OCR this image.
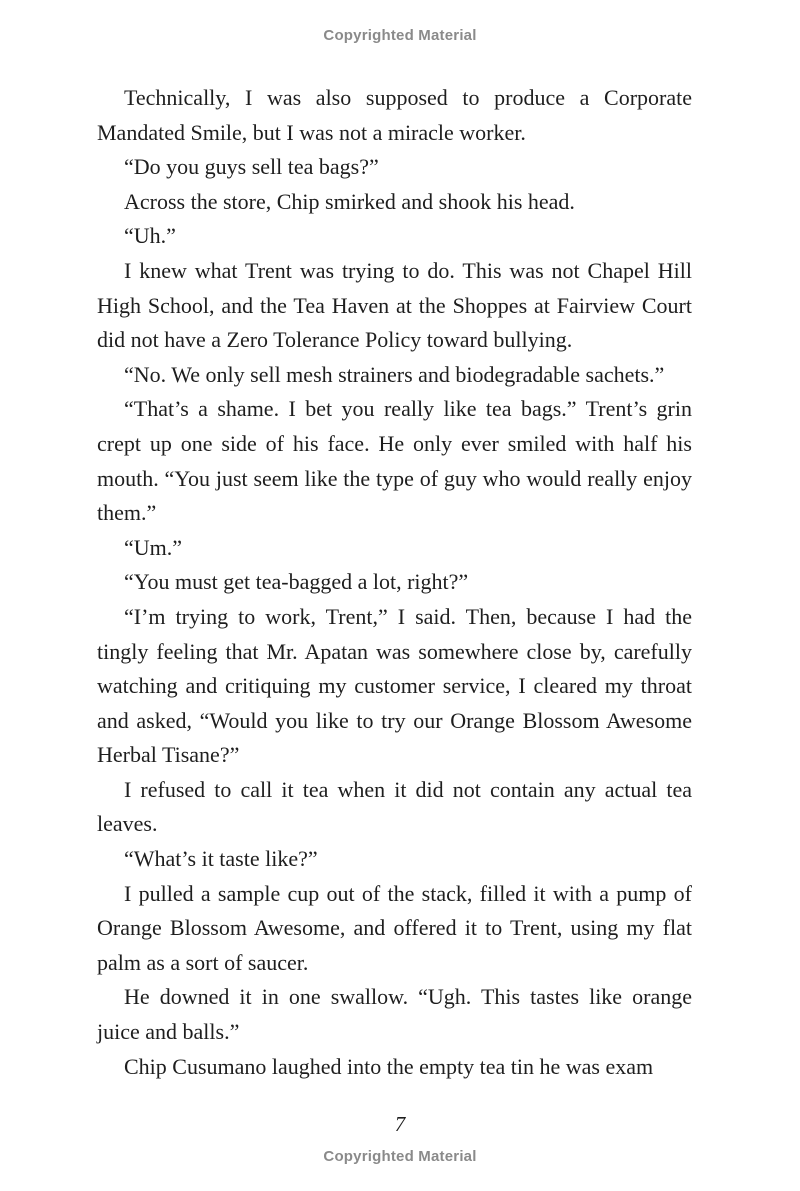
Copyrighted Material

Technically, I was also supposed to produce a Corporate Mandated Smile, but I was not a miracle worker.

“Do you guys sell tea bags?”

Across the store, Chip smirked and shook his head.

“Uh.”

I knew what Trent was trying to do. This was not Chapel Hill High School, and the Tea Haven at the Shoppes at Fairview Court did not have a Zero Tolerance Policy toward bullying.

“No. We only sell mesh strainers and biodegradable sachets.”

“That’s a shame. I bet you really like tea bags.” Trent’s grin crept up one side of his face. He only ever smiled with half his mouth. “You just seem like the type of guy who would really enjoy them.”

“Um.”

“You must get tea-bagged a lot, right?”

“I’m trying to work, Trent,” I said. Then, because I had the tingly feeling that Mr. Apatan was somewhere close by, carefully watching and critiquing my customer service, I cleared my throat and asked, “Would you like to try our Orange Blossom Awesome Herbal Tisane?”

I refused to call it tea when it did not contain any actual tea leaves.

“What’s it taste like?”

I pulled a sample cup out of the stack, filled it with a pump of Orange Blossom Awesome, and offered it to Trent, using my flat palm as a sort of saucer.

He downed it in one swallow. “Ugh. This tastes like orange juice and balls.”

Chip Cusumano laughed into the empty tea tin he was exam

7
Copyrighted Material
